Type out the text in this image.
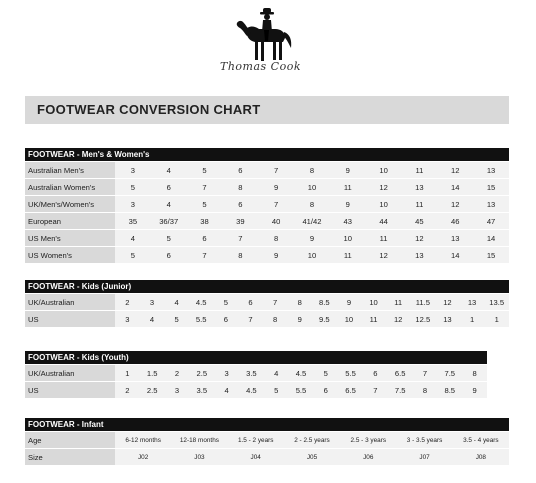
Thomas Cook
FOOTWEAR CONVERSION CHART
FOOTWEAR - Men's & Women's											
Australian Men's	3	4	5	6	7	8	9	10	11	12	13
Australian Women's	5	6	7	8	9	10	11	12	13	14	15
UK/Men's/Women's	3	4	5	6	7	8	9	10	11	12	13
European	35	36/37	38	39	40	41/42	43	44	45	46	47
US Men's	4	5	6	7	8	9	10	11	12	13	14
US Women's	5	6	7	8	9	10	11	12	13	14	15
FOOTWEAR - Kids (Junior)																
UK/Australian	2	3	4	4.5	5	6	7	8	8.5	9	10	11	11.5	12	13	13.5
US	3	4	5	5.5	6	7	8	9	9.5	10	11	12	12.5	13	1	1
FOOTWEAR - Kids (Youth)															
UK/Australian	1	1.5	2	2.5	3	3.5	4	4.5	5	5.5	6	6.5	7	7.5	8
US	2	2.5	3	3.5	4	4.5	5	5.5	6	6.5	7	7.5	8	8.5	9
FOOTWEAR - Infant							
Age	6-12 months	12-18 months	1.5 - 2 years	2 - 2.5 years	2.5 - 3 years	3 - 3.5 years	3.5 - 4 years
Size	J02	J03	J04	J05	J06	J07	J08
